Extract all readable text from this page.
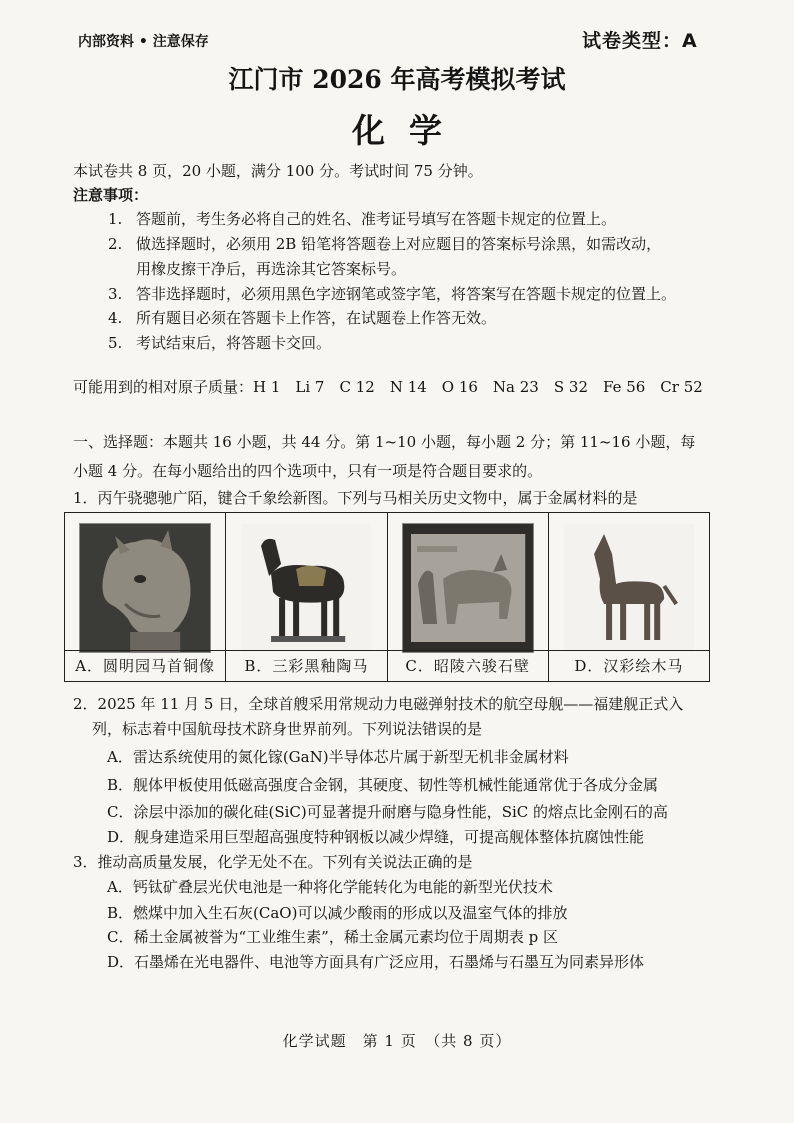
内部资料 • 注意保存	试卷类型：A
江门市 2026 年高考模拟考试
化学
本试卷共 8 页，20 小题，满分 100 分。考试时间 75 分钟。
注意事项：
1. 答题前，考生务必将自己的姓名、准考证号填写在答题卡规定的位置上。
2. 做选择题时，必须用 2B 铅笔将答题卷上对应题目的答案标号涂黑，如需改动，
用橡皮擦干净后，再选涂其它答案标号。
3. 答非选择题时，必须用黑色字迹钢笔或签字笔，将答案写在答题卡规定的位置上。
4. 所有题目必须在答题卡上作答，在试题卷上作答无效。
5. 考试结束后，将答题卡交回。
可能用到的相对原子质量：H 1　Li 7　C 12　N 14　O 16　Na 23　S 32　Fe 56　Cr 52
一、选择题：本题共 16 小题，共 44 分。第 1~10 小题，每小题 2 分；第 11~16 小题，每
小题 4 分。在每小题给出的四个选项中，只有一项是符合题目要求的。
1．丙午骁骢驰广陌，键合千象绘新图。下列与马相关历史文物中，属于金属材料的是
A．圆明园马首铜像	B．三彩黑釉陶马	C．昭陵六骏石壁	D．汉彩绘木马
2．2025 年 11 月 5 日，全球首艘采用常规动力电磁弹射技术的航空母舰——福建舰正式入
列，标志着中国航母技术跻身世界前列。下列说法错误的是
A．雷达系统使用的氮化镓(GaN)半导体芯片属于新型无机非金属材料
B．舰体甲板使用低磁高强度合金钢，其硬度、韧性等机械性能通常优于各成分金属
C．涂层中添加的碳化硅(SiC)可显著提升耐磨与隐身性能，SiC 的熔点比金刚石的高
D．舰身建造采用巨型超高强度特种钢板以减少焊缝，可提高舰体整体抗腐蚀性能
3．推动高质量发展，化学无处不在。下列有关说法正确的是
A．钙钛矿叠层光伏电池是一种将化学能转化为电能的新型光伏技术
B．燃煤中加入生石灰(CaO)可以减少酸雨的形成以及温室气体的排放
C．稀土金属被誉为“工业维生素”，稀土金属元素均位于周期表 p 区
D．石墨烯在光电器件、电池等方面具有广泛应用，石墨烯与石墨互为同素异形体
化学试题　第 1 页　（共 8 页）
